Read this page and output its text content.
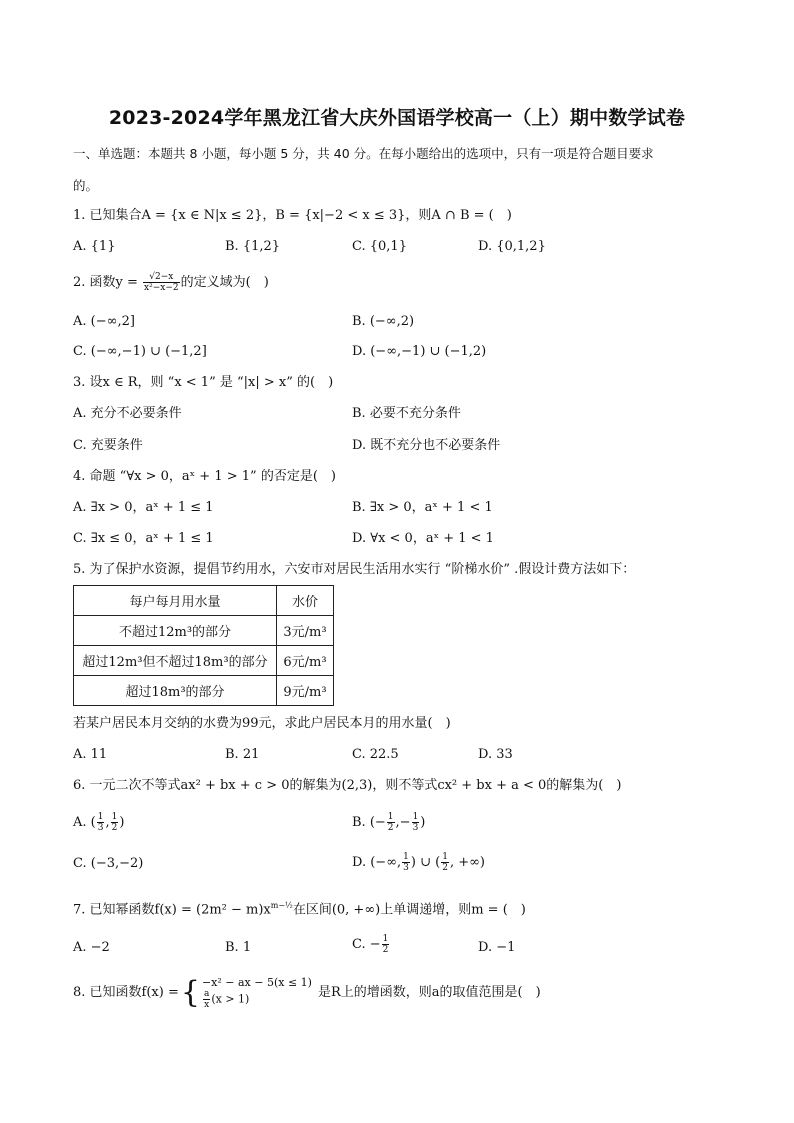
2023-2024学年黑龙江省大庆外国语学校高一（上）期中数学试卷
一、单选题：本题共 8 小题，每小题 5 分，共 40 分。在每小题给出的选项中，只有一项是符合题目要求
的。
1. 已知集合A = {x ∈ N|x ≤ 2}，B = {x|−2 < x ≤ 3}，则A ∩ B = (　)
A. {1}	B. {1,2}	C. {0,1}	D. {0,1,2}
2. 函数$y = \frac{√2-x}{\text{x²−x−2}}$ 的定义域为(　)
A. (−∞,2]	B. (−∞,2)
C. (−∞,−1) ∪ (−1,2]	D. (−∞,−1) ∪ (−1,2)
3. 设x ∈ R，则 “x < 1” 是 “|x| > x” 的(　)
A. 充分不必要条件	B. 必要不充分条件
C. 充要条件	D. 既不充分也不必要条件
4. 命题 “∀x > 0，aˣ + 1 > 1” 的否定是(　)
A. ∃x > 0，aˣ + 1 ≤ 1	B. ∃x > 0，aˣ + 1 < 1
C. ∃x ≤ 0，aˣ + 1 ≤ 1	D. ∀x < 0，aˣ + 1 < 1
5. 为了保护水资源，提倡节约用水，六安市对居民生活用水实行 “阶梯水价” .假设计费方法如下：
每户每月用水量	水价
不超过12m³的部分	3元/m³
超过12m³但不超过18m³的部分	6元/m³
超过18m³的部分	9元/m³
若某户居民本月交纳的水费为99元，求此户居民本月的用水量(　)
A. 11	B. 21	C. 22.5	D. 33
6. 一元二次不等式ax² + bx + c > 0的解集为(2,3)，则不等式cx² + bx + a < 0的解集为(　)
A. ( $\frac{1}{3}$ , $\frac{1}{2}$ )	B. (− $\frac{1}{2}$ ,− $\frac{1}{3}$ )
C. (−3,−2)	D. (−∞, $\frac{1}{3}$ ) ∪ ( $\frac{1}{2}$ , +∞)
7. 已知幂函数$f(x) = (2m^2 - m)x^{m-\frac{1}{2}}$在区间(0, +∞)上单调递增，则m = (　)
A. −2	B. 1	C. − $\frac{1}{2}$	D. −1
8. 已知函数f(x) ={ −x² − ax − 5(x ≤ 1)
$\frac{a}{x} (x > 1)$	是R上的增函数，则a的取值范围是(　)
